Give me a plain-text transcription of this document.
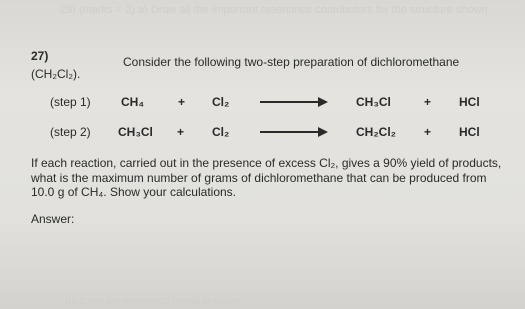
29) (marks = 2) a) Draw all the important resonance contributors for the structure shown
27)	Consider the following two-step preparation of dichloromethane
(CH₂Cl₂).
(step 1)	CH₄	+ Cl₂	CH₃Cl	+ HCl
(step 2) CH₃Cl + Cl₂	CH₂Cl₂ + HCl
If each reaction, carried out in the presence of excess Cl₂, gives a 90% yield of products, what is the maximum number of grams of dichloromethane that can be produced from 10.0 g of CH₄. Show your calculations.
Answer:
(b) Draw the resonance hybrid structure
